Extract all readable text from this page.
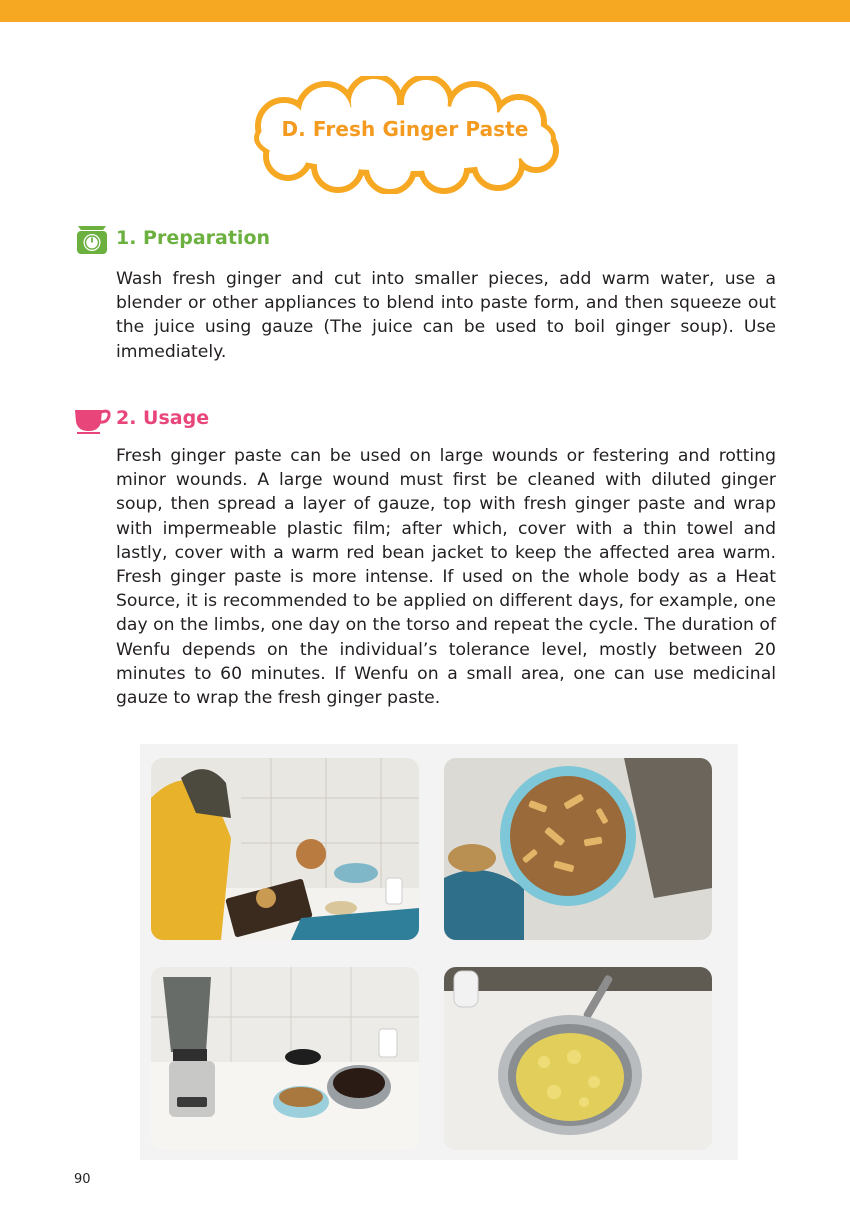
D. Fresh Ginger Paste
1. Preparation
Wash fresh ginger and cut into smaller pieces, add warm water, use a blender or other appliances to blend into paste form, and then squeeze out the juice using gauze (The juice can be used to boil ginger soup). Use immediately.
2. Usage
Fresh ginger paste can be used on large wounds or festering and rotting minor wounds. A large wound must first be cleaned with diluted ginger soup, then spread a layer of gauze, top with fresh ginger paste and wrap with impermeable plastic film; after which, cover with a thin towel and lastly, cover with a warm red bean jacket to keep the affected area warm. Fresh ginger paste is more intense. If used on the whole body as a Heat Source, it is recommended to be applied on different days, for example, one day on the limbs, one day on the torso and repeat the cycle. The duration of Wenfu depends on the individual’s tolerance level, mostly between 20 minutes to 60 minutes. If Wenfu on a small area, one can use medicinal gauze to wrap the fresh ginger paste.
90
